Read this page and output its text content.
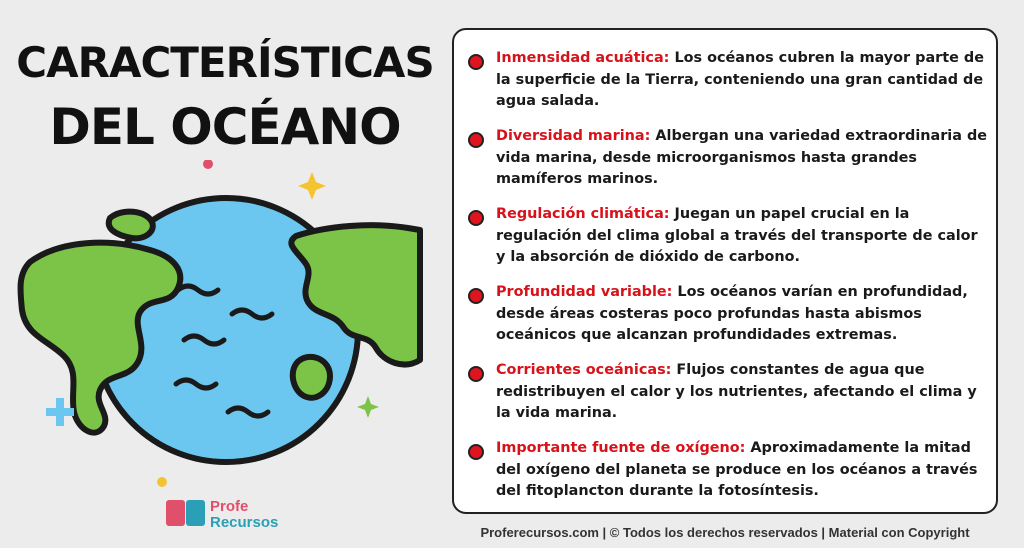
CARACTERÍSTICAS
DEL OCÉANO
Profe
Recursos
Inmensidad acuática: Los océanos cubren la mayor parte de la superficie de la Tierra, conteniendo una gran cantidad de agua salada.
Diversidad marina: Albergan una variedad extraordinaria de vida marina, desde microorganismos hasta grandes mamíferos marinos.
Regulación climática: Juegan un papel crucial en la regulación del clima global a través del transporte de calor y la absorción de dióxido de carbono.
Profundidad variable: Los océanos varían en profundidad, desde áreas costeras poco profundas hasta abismos oceánicos que alcanzan profundidades extremas.
Corrientes oceánicas: Flujos constantes de agua que redistribuyen el calor y los nutrientes, afectando el clima y la vida marina.
Importante fuente de oxígeno: Aproximadamente la mitad del oxígeno del planeta se produce en los océanos a través del fitoplancton durante la fotosíntesis.
Proferecursos.com | © Todos los derechos reservados | Material con Copyright
